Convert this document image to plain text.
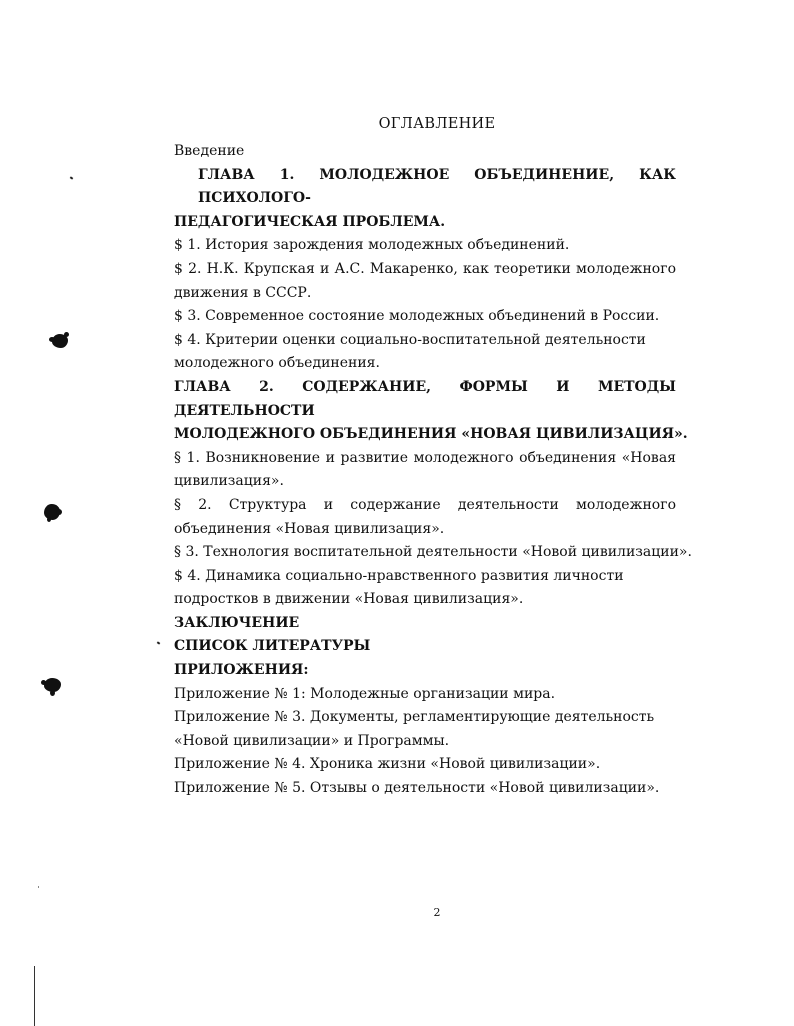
ОГЛАВЛЕНИЕ
Введение
ГЛАВА 1. МОЛОДЕЖНОЕ ОБЪЕДИНЕНИЕ, КАК ПСИХОЛОГО-
ПЕДАГОГИЧЕСКАЯ ПРОБЛЕМА.
$ 1. История зарождения молодежных объединений.
$ 2. Н.К. Крупская и А.С. Макаренко, как теоретики молодежного
движения в СССР.
$ 3. Современное состояние молодежных объединений в России.
$ 4. Критерии оценки социально-воспитательной деятельности
молодежного объединения.
ГЛАВА 2. СОДЕРЖАНИЕ, ФОРМЫ И МЕТОДЫ ДЕЯТЕЛЬНОСТИ
МОЛОДЕЖНОГО ОБЪЕДИНЕНИЯ «НОВАЯ ЦИВИЛИЗАЦИЯ».
§ 1. Возникновение и развитие молодежного объединения «Новая
цивилизация».
§ 2. Структура и содержание деятельности молодежного
объединения «Новая цивилизация».
§ 3. Технология воспитательной деятельности «Новой цивилизации».
$ 4. Динамика социально-нравственного развития личности
подростков в движении «Новая цивилизация».
ЗАКЛЮЧЕНИЕ
СПИСОК ЛИТЕРАТУРЫ
ПРИЛОЖЕНИЯ:
Приложение № 1: Молодежные организации мира.
Приложение № 3. Документы, регламентирующие деятельность
«Новой цивилизации» и Программы.
Приложение № 4. Хроника жизни «Новой цивилизации».
Приложение № 5. Отзывы о деятельности «Новой цивилизации».
2
